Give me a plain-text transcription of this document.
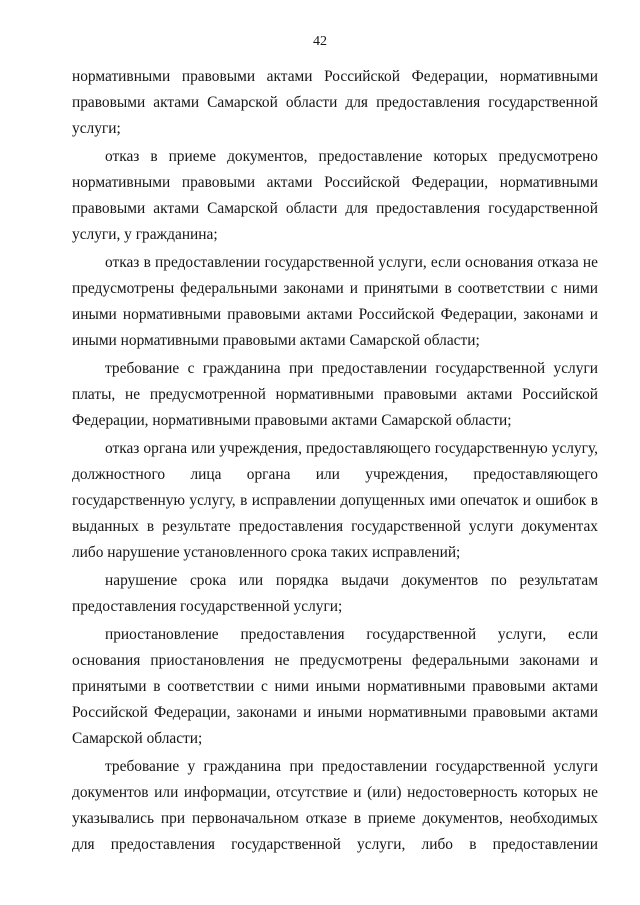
42

нормативными правовыми актами Российской Федерации, нормативными правовыми актами Самарской области для предоставления государственной услуги;

отказ в приеме документов, предоставление которых предусмотрено нормативными правовыми актами Российской Федерации, нормативными правовыми актами Самарской области для предоставления государственной услуги, у гражданина;

отказ в предоставлении государственной услуги, если основания отказа не предусмотрены федеральными законами и принятыми в соответствии с ними иными нормативными правовыми актами Российской Федерации, законами и иными нормативными правовыми актами Самарской области;

требование с гражданина при предоставлении государственной услуги платы, не предусмотренной нормативными правовыми актами Российской Федерации, нормативными правовыми актами Самарской области;

отказ органа или учреждения, предоставляющего государственную услугу, должностного лица органа или учреждения, предоставляющего государственную услугу, в исправлении допущенных ими опечаток и ошибок в выданных в результате предоставления государственной услуги документах либо нарушение установленного срока таких исправлений;

нарушение срока или порядка выдачи документов по результатам предоставления государственной услуги;

приостановление предоставления государственной услуги, если основания приостановления не предусмотрены федеральными законами и принятыми в соответствии с ними иными нормативными правовыми актами Российской Федерации, законами и иными нормативными правовыми актами Самарской области;

требование у гражданина при предоставлении государственной услуги документов или информации, отсутствие и (или) недостоверность которых не указывались при первоначальном отказе в приеме документов, необходимых для предоставления государственной услуги, либо в предоставлении
